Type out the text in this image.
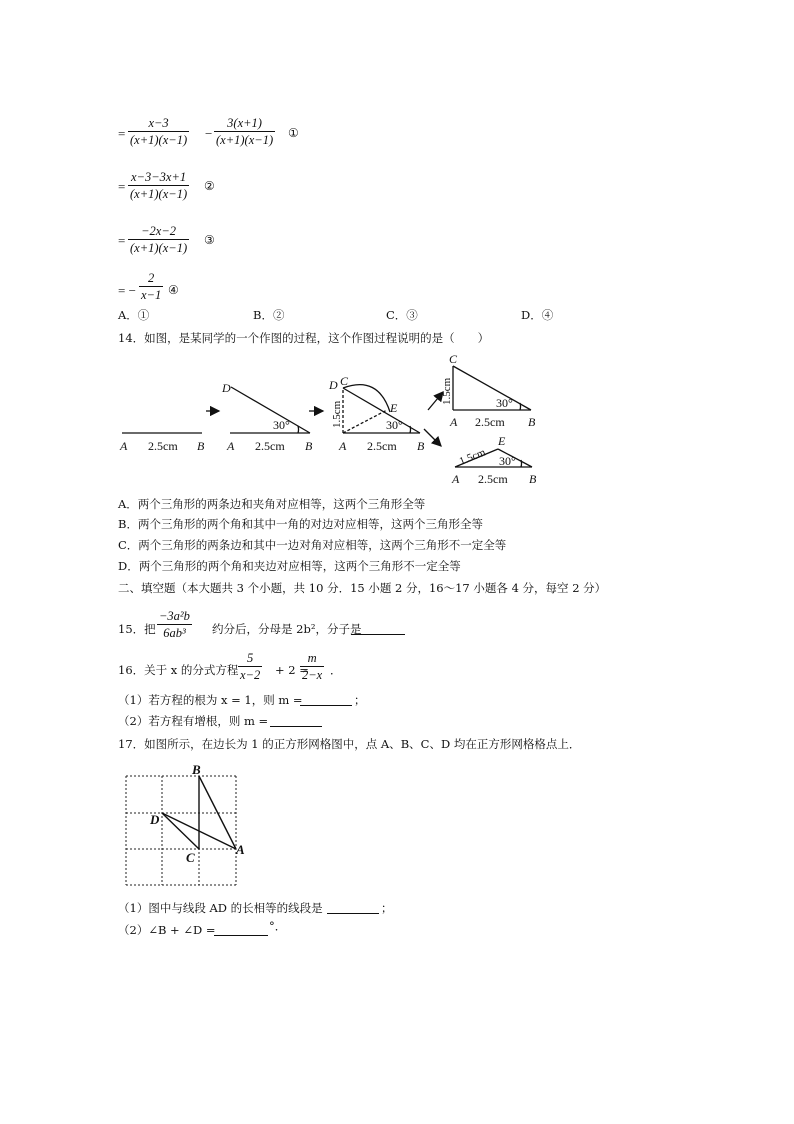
= $\frac{x-3}{(x+1)(x-1)} - \frac{3(x+1)}{(x+1)(x-1)}$ ①
= $\frac{x-3-3x+1}{(x+1)(x-1)}$ ②
= $\frac{-2x-2}{(x+1)(x-1)}$ ③
= − $\frac{2}{x-1}$ ④
A．①	B．②	C．③	D．④
14．如图，是某同学的一个作图的过程，这个作图过程说明的是（　　）
A 2.5cm B
D
30°
A 2.5cm B
D C
E
30°
A 2.5cm B
1.5cm
C
1.5cm	30°
A 2.5cm B
E
1.5cm 30°
A 2.5cm B
A．两个三角形的两条边和夹角对应相等，这两个三角形全等
B．两个三角形的两个角和其中一角的对边对应相等，这两个三角形全等
C．两个三角形的两条边和其中一边对角对应相等，这两个三角形不一定全等
D．两个三角形的两个角和夹边对应相等，这两个三角形不一定全等
二、填空题（本大题共 3 个小题，共 10 分．15 小题 2 分，16～17 小题各 4 分，每空 2 分）
15．把 $\frac{\text{−3a²b}}{\text{6ab³}}$ 约分后，分母是 2b²，分子是
16．关于 x 的分式方程 $\frac{5}{x-2} + 2$ =
$\frac{m}{2-x}$ ．
（1）若方程的根为 x = 1，则 m =	；
（2）若方程有增根，则 m =
17．如图所示，在边长为 1 的正方形网格图中，点 A、B、C、D 均在正方形网格格点上．
B
D
A
C
（1）图中与线段 AD 的长相等的线段是	；
（2）∠B + ∠D =	°．
